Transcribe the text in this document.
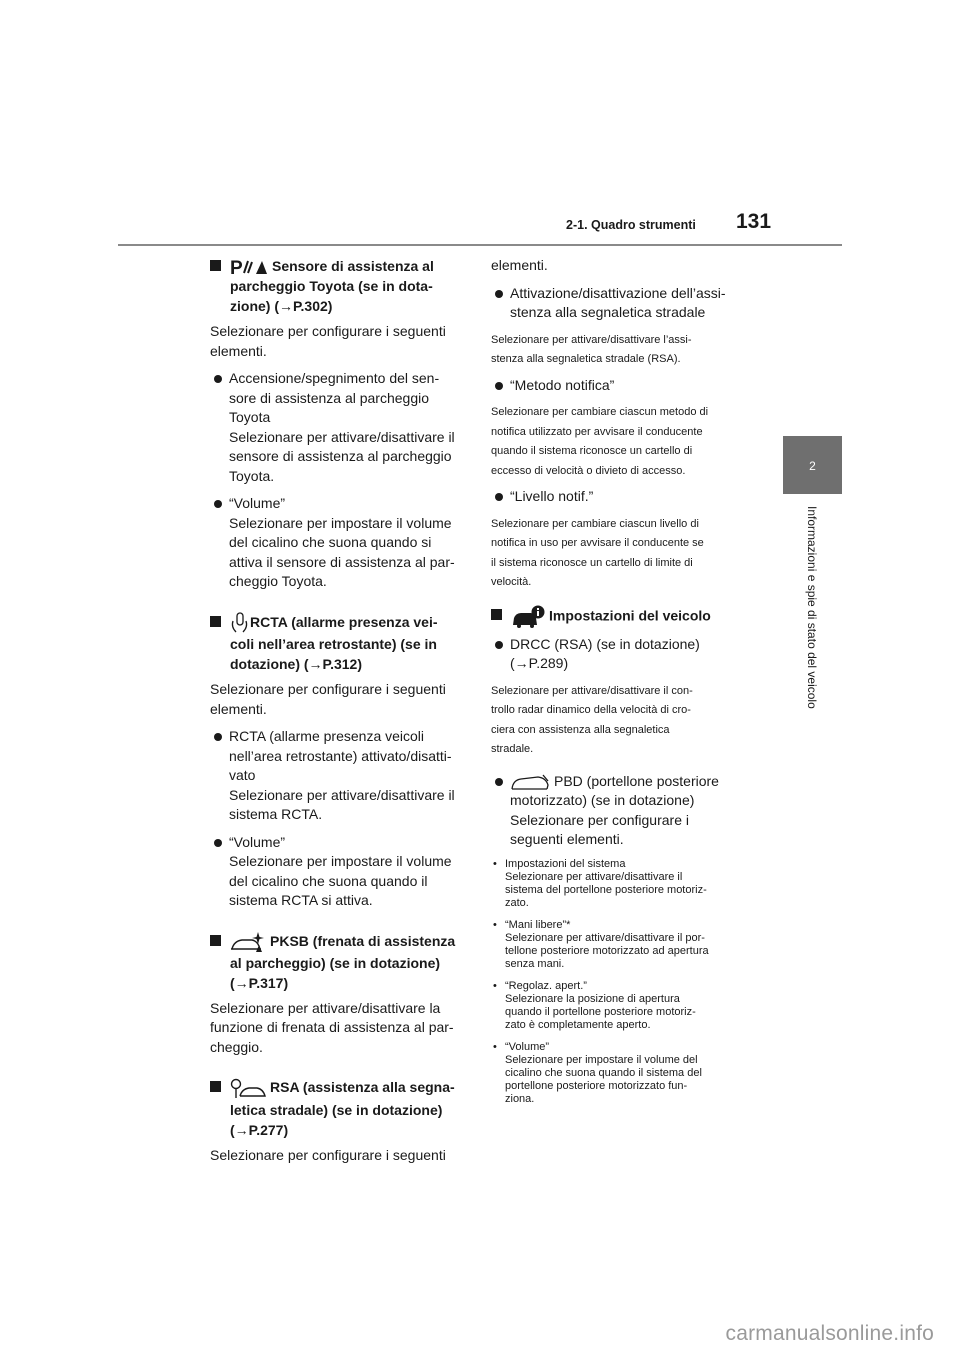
2-1. Quadro strumenti 131
2
Informazioni e spie di stato del veicolo
P Sensore di assistenza al
parcheggio Toyota (se in dota-
zione) (→P.302)
Selezionare per configurare i seguenti
elementi.
Accensione/spegnimento del sen-
sore di assistenza al parcheggio
Toyota
Selezionare per attivare/disattivare il
sensore di assistenza al parcheggio
Toyota.
“Volume”
Selezionare per impostare il volume
del cicalino che suona quando si
attiva il sensore di assistenza al par-
cheggio Toyota.
RCTA (allarme presenza vei-
coli nell’area retrostante) (se in
dotazione) (→P.312)
Selezionare per configurare i seguenti
elementi.
RCTA (allarme presenza veicoli
nell’area retrostante) attivato/disatti-
vato
Selezionare per attivare/disattivare il
sistema RCTA.
“Volume”
Selezionare per impostare il volume
del cicalino che suona quando il
sistema RCTA si attiva.
PKSB (frenata di assistenza
al parcheggio) (se in dotazione)
(→P.317)
Selezionare per attivare/disattivare la
funzione di frenata di assistenza al par-
cheggio.
RSA (assistenza alla segna-
letica stradale) (se in dotazione)
(→P.277)
Selezionare per configurare i seguenti
elementi.
Attivazione/disattivazione dell’assi-
stenza alla segnaletica stradale
Selezionare per attivare/disattivare l’assi-
stenza alla segnaletica stradale (RSA).
“Metodo notifica”
Selezionare per cambiare ciascun metodo di
notifica utilizzato per avvisare il conducente
quando il sistema riconosce un cartello di
eccesso di velocità o divieto di accesso.
“Livello notif.”
Selezionare per cambiare ciascun livello di
notifica in uso per avvisare il conducente se
il sistema riconosce un cartello di limite di
velocità.
Impostazioni del veicolo
DRCC (RSA) (se in dotazione)
(→P.289)
Selezionare per attivare/disattivare il con-
trollo radar dinamico della velocità di cro-
ciera con assistenza alla segnaletica
stradale.
PBD (portellone posteriore
motorizzato) (se in dotazione)
Selezionare per configurare i
seguenti elementi.
• Impostazioni del sistema
Selezionare per attivare/disattivare il
sistema del portellone posteriore motoriz-
zato.
• “Mani libere”*
Selezionare per attivare/disattivare il por-
tellone posteriore motorizzato ad apertura
senza mani.
• “Regolaz. apert.”
Selezionare la posizione di apertura
quando il portellone posteriore motoriz-
zato è completamente aperto.
• “Volume”
Selezionare per impostare il volume del
cicalino che suona quando il sistema del
portellone posteriore motorizzato fun-
ziona.
carmanualsonline.info
